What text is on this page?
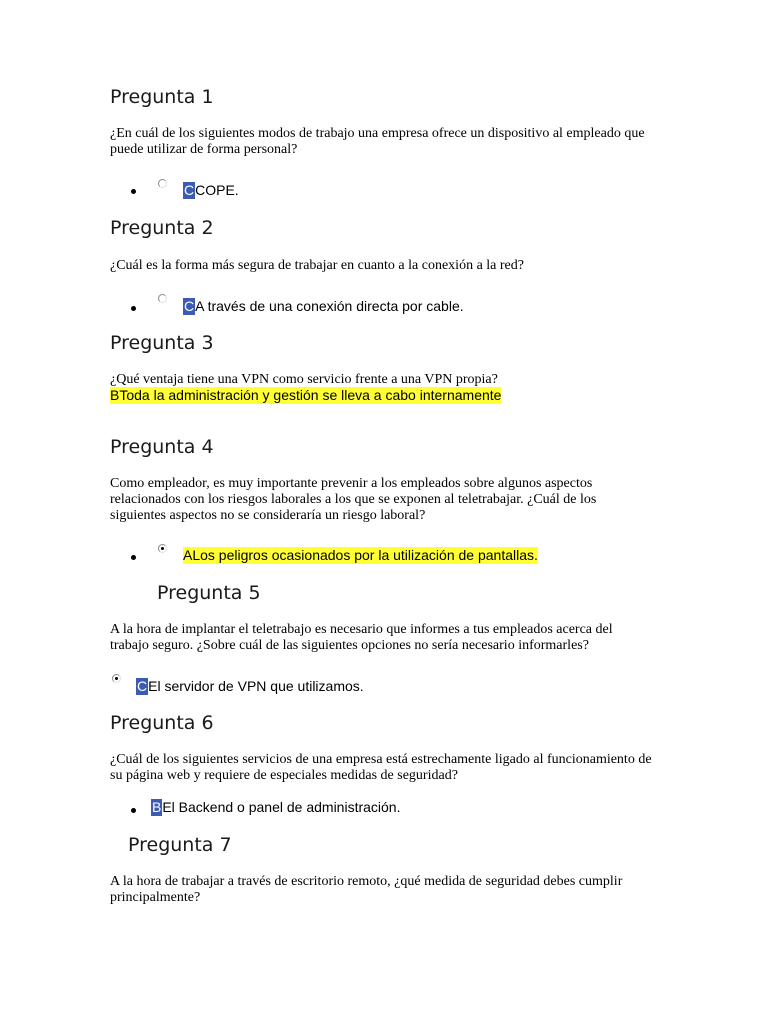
Pregunta 1

¿En cuál de los siguientes modos de trabajo una empresa ofrece un dispositivo al empleado que puede utilizar de forma personal?

CCOPE.
Pregunta 2

¿Cuál es la forma más segura de trabajar en cuanto a la conexión a la red?

CA través de una conexión directa por cable.
Pregunta 3

¿Qué ventaja tiene una VPN como servicio frente a una VPN propia?

BToda la administración y gestión se lleva a cabo internamente
Pregunta 4

Como empleador, es muy importante prevenir a los empleados sobre algunos aspectos relacionados con los riesgos laborales a los que se exponen al teletrabajar. ¿Cuál de los siguientes aspectos no se consideraría un riesgo laboral?

ALos peligros ocasionados por la utilización de pantallas.
Pregunta 5

A la hora de implantar el teletrabajo es necesario que informes a tus empleados acerca del trabajo seguro. ¿Sobre cuál de las siguientes opciones no sería necesario informarles?

CEl servidor de VPN que utilizamos.
Pregunta 6

¿Cuál de los siguientes servicios de una empresa está estrechamente ligado al funcionamiento de su página web y requiere de especiales medidas de seguridad?

BEl Backend o panel de administración.
Pregunta 7

A la hora de trabajar a través de escritorio remoto, ¿qué medida de seguridad debes cumplir principalmente?
